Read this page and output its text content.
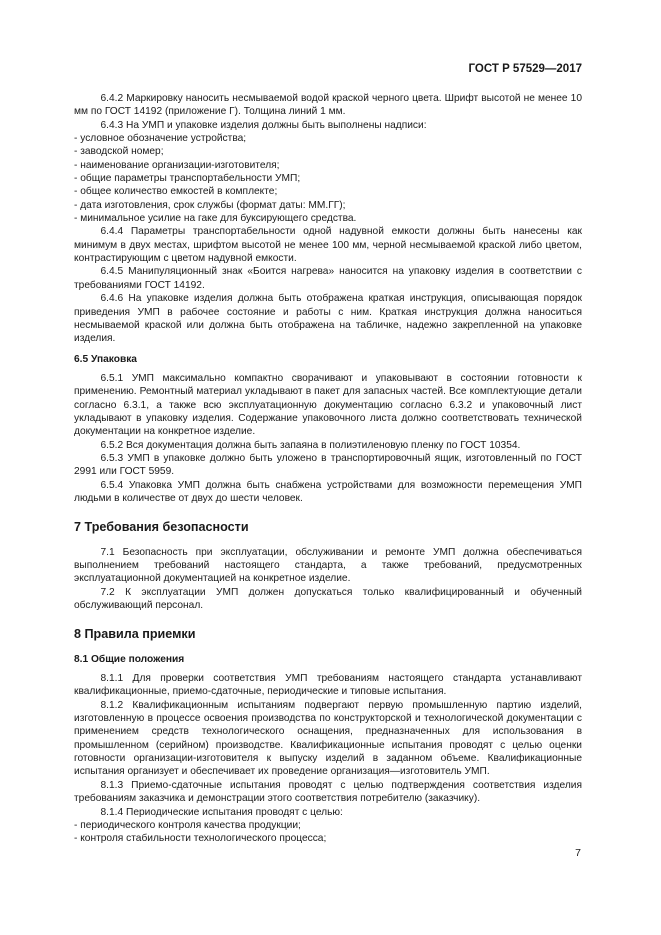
ГОСТ Р 57529—2017

6.4.2 Маркировку наносить несмываемой водой краской черного цвета. Шрифт высотой не менее 10 мм по ГОСТ 14192 (приложение Г). Толщина линий 1 мм.

6.4.3 На УМП и упаковке изделия должны быть выполнены надписи:

- условное обозначение устройства;

- заводской номер;

- наименование организации-изготовителя;

- общие параметры транспортабельности УМП;

- общее количество емкостей в комплекте;

- дата изготовления, срок службы (формат даты: ММ.ГГ);

- минимальное усилие на гаке для буксирующего средства.

6.4.4 Параметры транспортабельности одной надувной емкости должны быть нанесены как минимум в двух местах, шрифтом высотой не менее 100 мм, черной несмываемой краской либо цветом, контрастирующим с цветом надувной емкости.

6.4.5 Манипуляционный знак «Боится нагрева» наносится на упаковку изделия в соответствии с требованиями ГОСТ 14192.

6.4.6 На упаковке изделия должна быть отображена краткая инструкция, описывающая порядок приведения УМП в рабочее состояние и работы с ним. Краткая инструкция должна наноситься несмываемой краской или должна быть отображена на табличке, надежно закрепленной на упаковке изделия.

6.5 Упаковка

6.5.1 УМП максимально компактно сворачивают и упаковывают в состоянии готовности к применению. Ремонтный материал укладывают в пакет для запасных частей. Все комплектующие детали согласно 6.3.1, а также всю эксплуатационную документацию согласно 6.3.2 и упаковочный лист укладывают в упаковку изделия. Содержание упаковочного листа должно соответствовать технической документации на конкретное изделие.

6.5.2 Вся документация должна быть запаяна в полиэтиленовую пленку по ГОСТ 10354.

6.5.3 УМП в упаковке должно быть уложено в транспортировочный ящик, изготовленный по ГОСТ 2991 или ГОСТ 5959.

6.5.4 Упаковка УМП должна быть снабжена устройствами для возможности перемещения УМП людьми в количестве от двух до шести человек.

7 Требования безопасности

7.1 Безопасность при эксплуатации, обслуживании и ремонте УМП должна обеспечиваться выполнением требований настоящего стандарта, а также требований, предусмотренных эксплуатационной документацией на конкретное изделие.

7.2 К эксплуатации УМП должен допускаться только квалифицированный и обученный обслуживающий персонал.

8 Правила приемки

8.1 Общие положения

8.1.1 Для проверки соответствия УМП требованиям настоящего стандарта устанавливают квалификационные, приемо-сдаточные, периодические и типовые испытания.

8.1.2 Квалификационным испытаниям подвергают первую промышленную партию изделий, изготовленную в процессе освоения производства по конструкторской и технологической документации с применением средств технологического оснащения, предназначенных для использования в промышленном (серийном) производстве. Квалификационные испытания проводят с целью оценки готовности организации-изготовителя к выпуску изделий в заданном объеме. Квалификационные испытания организует и обеспечивает их проведение организация—изготовитель УМП.

8.1.3 Приемо-сдаточные испытания проводят с целью подтверждения соответствия изделия требованиям заказчика и демонстрации этого соответствия потребителю (заказчику).

8.1.4 Периодические испытания проводят с целью:

- периодического контроля качества продукции;

- контроля стабильности технологического процесса;

7
